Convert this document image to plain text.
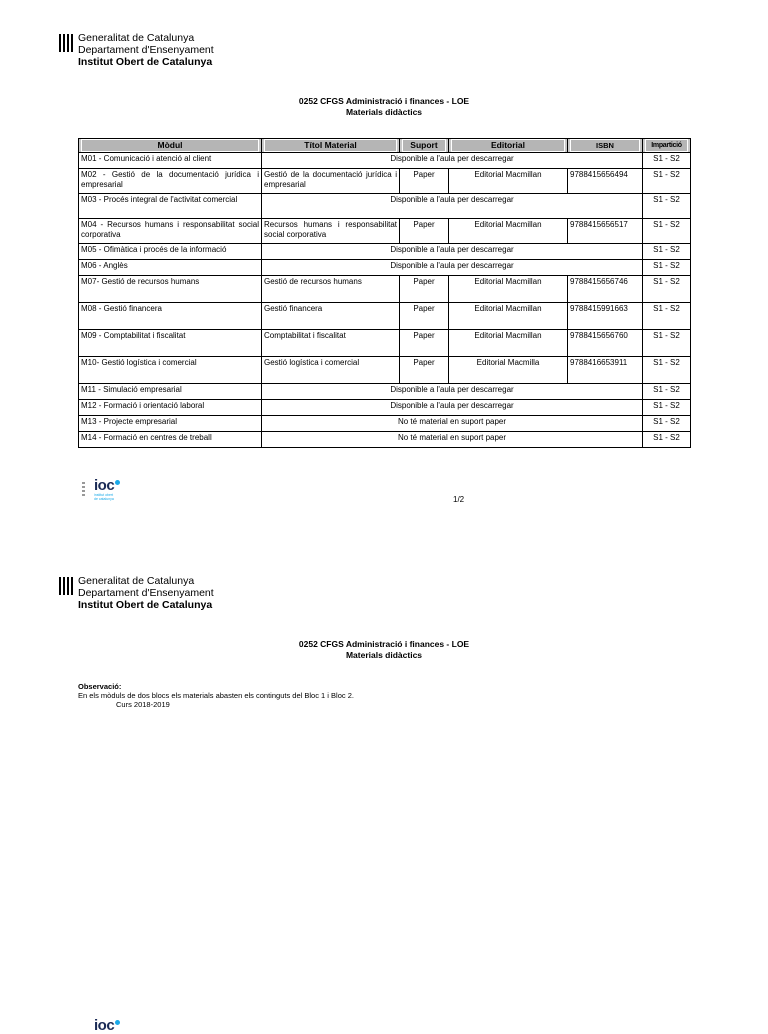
Generalitat de Catalunya
Departament d'Ensenyament
Institut Obert de Catalunya
0252 CFGS Administració i finances - LOE
Materials didàctics
Mòdul	Títol Material	Suport	Editorial	ISBN	Impartició

M01 - Comunicació i atenció al client	Disponible a l'aula per descarregar				S1 - S2
M02 - Gestió de la documentació jurídica i empresarial	Gestió de la documentació jurídica i empresarial	Paper	Editorial Macmillan	9788415656494	S1 - S2
M03 - Procés integral de l'activitat comercial	Disponible a l'aula per descarregar				S1 - S2
M04 - Recursos humans i responsabilitat social corporativa	Recursos humans i responsabilitat social corporativa	Paper	Editorial Macmillan	9788415656517	S1 - S2
M05 - Ofimàtica i procés de la informació	Disponible a l'aula per descarregar				S1 - S2
M06 - Anglès	Disponible a l'aula per descarregar				S1 - S2
M07- Gestió de recursos humans	Gestió de recursos humans	Paper	Editorial Macmillan	9788415656746	S1 - S2
M08 - Gestió financera	Gestió financera	Paper	Editorial Macmillan	9788415991663	S1 - S2
M09 - Comptabilitat i fiscalitat	Comptabilitat i fiscalitat	Paper	Editorial Macmillan	9788415656760	S1 - S2
M10- Gestió logística i comercial	Gestió logística i comercial	Paper	Editorial Macmilla	9788416653911	S1 - S2
M11 - Simulació empresarial	Disponible a l'aula per descarregar				S1 - S2
M12 - Formació i orientació laboral	Disponible a l'aula per descarregar				S1 - S2
M13 - Projecte empresarial	No té material en suport paper				S1 - S2
M14 - Formació en centres de treball	No té material en suport paper				S1 - S2
ioc
institut obert
de catalunya	1/2
Generalitat de Catalunya
Departament d'Ensenyament
Institut Obert de Catalunya
0252 CFGS Administració i finances - LOE
Materials didàctics
Observació:
En els mòduls de dos blocs els materials abasten els continguts del Bloc 1 i Bloc 2.
Curs 2018-2019
ioc
